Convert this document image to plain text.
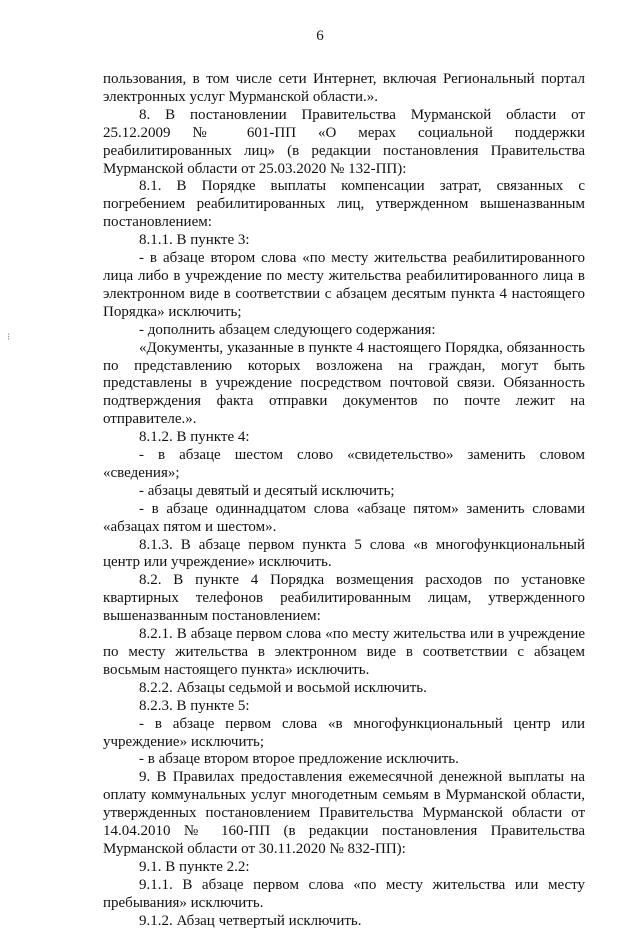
6
⁝

пользования, в том числе сети Интернет, включая Региональный портал электронных услуг Мурманской области.».

8. В постановлении Правительства Мурманской области от 25.12.2009 № 601-ПП «О мерах социальной поддержки реабилитированных лиц» (в редакции постановления Правительства Мурманской области от 25.03.2020 № 132-ПП):

8.1. В Порядке выплаты компенсации затрат, связанных с погребением реабилитированных лиц, утвержденном вышеназванным постановлением:

8.1.1. В пункте 3:

- в абзаце втором слова «по месту жительства реабилитированного лица либо в учреждение по месту жительства реабилитированного лица в электронном виде в соответствии с абзацем десятым пункта 4 настоящего Порядка» исключить;

- дополнить абзацем следующего содержания:

«Документы, указанные в пункте 4 настоящего Порядка, обязанность по представлению которых возложена на граждан, могут быть представлены в учреждение посредством почтовой связи. Обязанность подтверждения факта отправки документов по почте лежит на отправителе.».

8.1.2. В пункте 4:

- в абзаце шестом слово «свидетельство» заменить словом «сведения»;

- абзацы девятый и десятый исключить;

- в абзаце одиннадцатом слова «абзаце пятом» заменить словами «абзацах пятом и шестом».

8.1.3. В абзаце первом пункта 5 слова «в многофункциональный центр или учреждение» исключить.

8.2. В пункте 4 Порядка возмещения расходов по установке квартирных телефонов реабилитированным лицам, утвержденного вышеназванным постановлением:

8.2.1. В абзаце первом слова «по месту жительства или в учреждение по месту жительства в электронном виде в соответствии с абзацем восьмым настоящего пункта» исключить.

8.2.2. Абзацы седьмой и восьмой исключить.

8.2.3. В пункте 5:

- в абзаце первом слова «в многофункциональный центр или учреждение» исключить;

- в абзаце втором второе предложение исключить.

9. В Правилах предоставления ежемесячной денежной выплаты на оплату коммунальных услуг многодетным семьям в Мурманской области, утвержденных постановлением Правительства Мурманской области от 14.04.2010 № 160-ПП (в редакции постановления Правительства Мурманской области от 30.11.2020 № 832-ПП):

9.1. В пункте 2.2:

9.1.1. В абзаце первом слова «по месту жительства или месту пребывания» исключить.

9.1.2. Абзац четвертый исключить.
